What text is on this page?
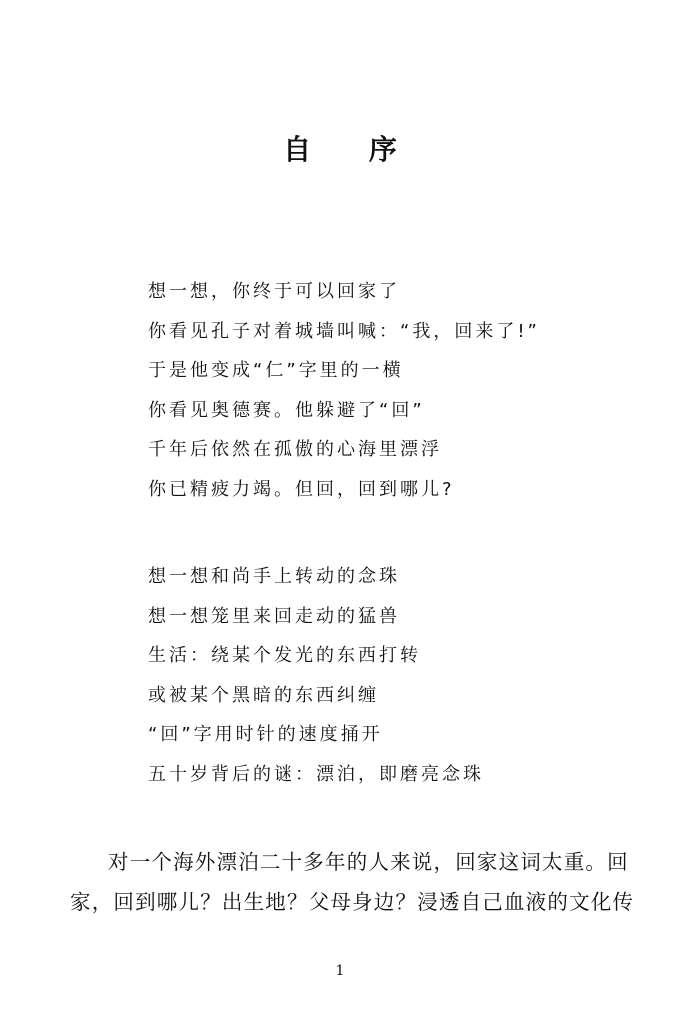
自 序
想一想，你终于可以回家了
你看见孔子对着城墙叫喊：“我，回来了!”
于是他变成“仁”字里的一横
你看见奥德赛。他躲避了“回”
千年后依然在孤傲的心海里漂浮
你已精疲力竭。但回，回到哪儿?
想一想和尚手上转动的念珠
想一想笼里来回走动的猛兽
生活：绕某个发光的东西打转
或被某个黑暗的东西纠缠
“回”字用时针的速度捅开
五十岁背后的谜：漂泊，即磨亮念珠
对一个海外漂泊二十多年的人来说，回家这词太重。回
家，回到哪儿？出生地？父母身边？浸透自己血液的文化传
1
